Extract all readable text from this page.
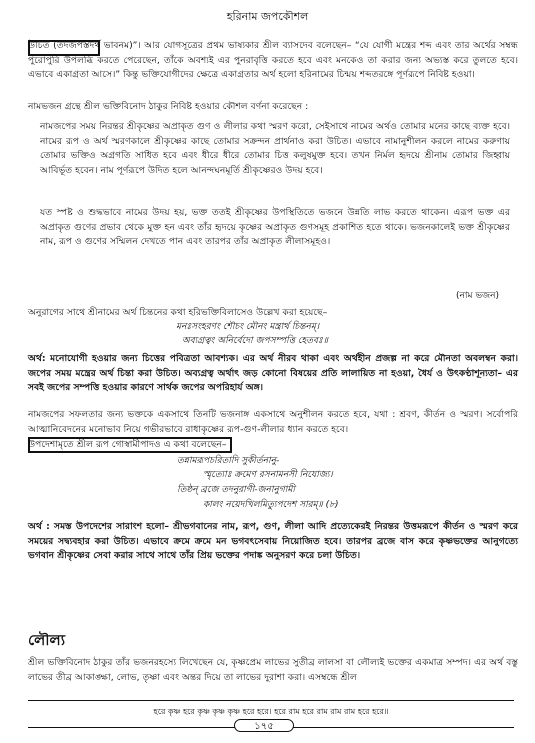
হরিনাম জপকৌশল

উচিত (তদজপস্তদর্থ ভাবনম)”। আর যোগসূত্রের প্রথম ভাষ্যকার শ্রীল ব্যাসদেব বলেছেন– “যে যোগী মন্ত্রের শব্দ এবং তার অর্থের সম্বন্ধ পুরোপুরি উপলব্ধি করতে পেরেছেন, তাঁকে অবশ্যই এর পুনরাবৃত্তি করতে হবে এবং মনকেও তা করার জন্য অভ্যস্ত করে তুলতে হবে। এভাবে একাগ্রতা আসে।” কিন্তু ভক্তিযোগীদের ক্ষেত্রে একাগ্রতার অর্থ হলো হরিনামের চিন্ময় শব্দতরঙ্গে পূর্ণরূপে নিবিষ্ট হওয়া।

নামভজন গ্রন্থে শ্রীল ভক্তিবিনোদ ঠাকুর নিবিষ্ট হওয়ার কৌশল বর্ণনা করেছেন :

নামজপের সময় নিরন্তর শ্রীকৃষ্ণের অপ্রাকৃত গুণ ও লীলার কথা স্মরণ করো, সেইসাথে নামের অর্থও তোমার মনের কাছে ব্যক্ত হবে। নামের রূপ ও অর্থ স্মরণকালে শ্রীকৃষ্ণের কাছে তোমার সক্রন্দন প্রার্থনাও করা উচিত। এভাবে নামানুশীলন করলে নামের করুণায় তোমার ভক্তিও অগ্রগতি সাধিত হবে এবং ধীরে ধীরে তোমার চিত্ত কলুষমুক্ত হবে। তখন নির্মল হৃদয়ে শ্রীনাম তোমার জিহ্বায় আবির্ভূত হবেন। নাম পূর্ণরূপে উদিত হলে আনন্দঘনমূর্তি শ্রীকৃষ্ণেরও উদয় হবে।

যত স্পষ্ট ও শুদ্ধভাবে নামের উদয় হয়, ভক্ত ততই শ্রীকৃষ্ণের উপস্থিতিতে ভজনে উন্নতি লাভ করতে থাকেন। এরূপ ভক্ত এর অপ্রাকৃত গুণের প্রভাব থেকে মুক্ত হন এবং তাঁর হৃদয়ে কৃষ্ণের অপ্রাকৃত গুণসমূহ প্রকাশিত হতে থাকে। ভজনকালেই ভক্ত শ্রীকৃষ্ণের নাম, রূপ ও গুণের সম্মিলন দেখতে পান এবং তারপর তাঁর অপ্রাকৃত লীলাসমূহও।

(নাম ভজন)

অনুরাগের সাথে শ্রীনামের অর্থ চিন্তনের কথা হরিভক্তিবিলাসেও উল্লেখ করা হয়েছে–

মনঃসংহরণং শৌচং মৌনং মন্ত্রার্থ চিন্তনম্।
অব্যগ্রত্বং অনির্বেদো জপসম্পত্তি হেতবঃ॥

অর্থ: মনোযোগী হওয়ার জন্য চিত্তের পবিত্রতা আবশ্যক। এর অর্থ নীরব থাকা এবং অর্থহীন প্রজল্প না করে মৌনতা অবলম্বন করা। জপের সময় মন্ত্রের অর্থ চিন্তা করা উচিত। অব্যগ্রত্ব অর্থাৎ জড় কোনো বিষয়ের প্রতি লালায়িত না হওয়া, ধৈর্য ও উৎকণ্ঠাশূন্যতা– এর সবই জপের সম্পত্তি হওয়ার কারণে সার্থক জপের অপরিহার্য অঙ্গ।

নামজপের সফলতার জন্য ভক্তকে একসাথে তিনটি ভজনাঙ্গ একসাথে অনুশীলন করতে হবে, যথা : শ্রবণ, কীর্তন ও স্মরণ। সর্বোপরি আত্মানিবেদনের মনোভাব নিয়ে গভীরভাবে রাধাকৃষ্ণের রূপ-গুণ-লীলার ধ্যান করতে হবে।

উপদেশামৃতে শ্রীল রূপ গোস্বামীপাদও এ কথা বলেছেন–

তন্নামরূপচরিতাদি সুকীর্তনানু-
স্মৃত্যোঃ ক্রমেণ রসনামনসী নিযোজ্য।
তিষ্ঠন্ ব্রজে তদনুরাগী-জনানুগামী
কালং নয়েদখিলমিত্যুপদেশ সারম্॥ (৮)

অর্থ : সমস্ত উপদেশের সারাংশ হলো– শ্রীভগবানের নাম, রূপ, গুণ, লীলা আদি প্রত্যেকেরই নিরন্তর উত্তমরূপে কীর্তন ও স্মরণ করে সময়ের সদ্ব্যবহার করা উচিত। এভাবে ক্রমে ক্রমে মন ভগবৎসেবায় নিয়োজিত হবে। তারপর ব্রজে বাস করে কৃষ্ণভক্তের আনুগত্যে ভগবান শ্রীকৃষ্ণের সেবা করার সাথে সাথে তাঁর প্রিয় ভক্তের পদাঙ্ক অনুসরণ করে চলা উচিত।

লৌল্য

শ্রীল ভক্তিবিনোদ ঠাকুর তাঁর ভজনরহস্যে লিখেছেন যে, কৃষ্ণপ্রেম লাভের সুতীব্র লালসা বা লৌল্যই ভক্তের একমাত্র সম্পদ। এর অর্থ বস্তু লাভের তীব্র আকাঙ্ক্ষা, লোভ, তৃষ্ণা এবং অন্তর দিয়ে তা লাভের দুরাশা করা। এসম্বন্ধে শ্রীল

হরে কৃষ্ণ হরে কৃষ্ণ কৃষ্ণ কৃষ্ণ হরে হরে। হরে রাম হরে রাম রাম রাম হরে হরে॥
১৭৫
